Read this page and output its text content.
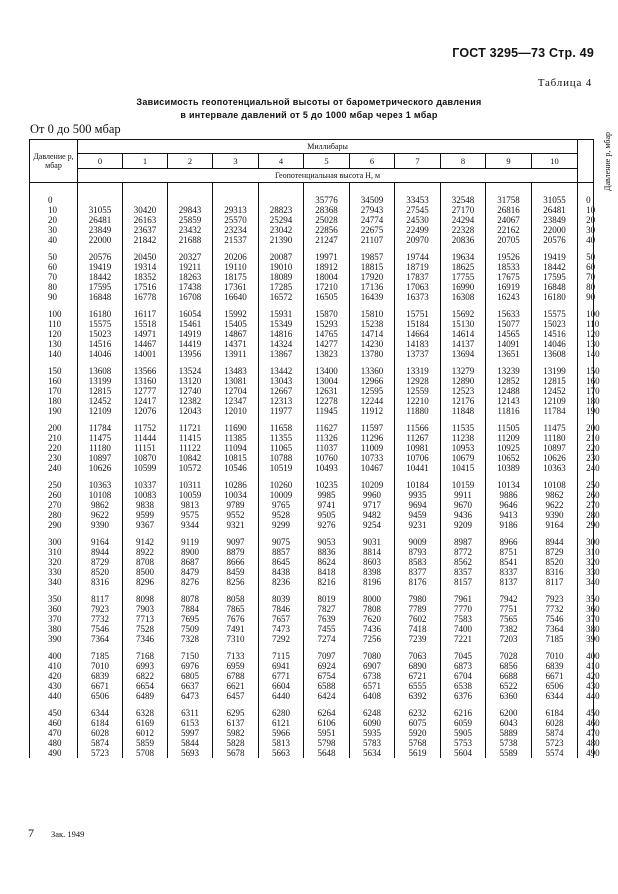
ГОСТ 3295—73 Стр. 49
Таблица 4
Зависимость геопотенциальной высоты от барометрического давления
в интервале давлений от 5 до 1000 мбар через 1 мбар
От 0 до 500 мбар
Давление p, мбар	Миллибары											Давление p, мбар
	0	1	2	3	4	5	6	7	8	9	10	
	Геопотенциальная высота H, м											

0						35776	34509	33453	32548	31758	31055	0
10	31055	30420	29843	29313	28823	28368	27943	27545	27170	26816	26481	10
20	26481	26163	25859	25570	25294	25028	24774	24530	24294	24067	23849	20
30	23849	23637	23432	23234	23042	22856	22675	22499	22328	22162	22000	30
40	22000	21842	21688	21537	21390	21247	21107	20970	20836	20705	20576	40

50	20576	20450	20327	20206	20087	19971	19857	19744	19634	19526	19419	50
60	19419	19314	19211	19110	19010	18912	18815	18719	18625	18533	18442	60
70	18442	18352	18263	18175	18089	18004	17920	17837	17755	17675	17595	70
80	17595	17516	17438	17361	17285	17210	17136	17063	16990	16919	16848	80
90	16848	16778	16708	16640	16572	16505	16439	16373	16308	16243	16180	90

100	16180	16117	16054	15992	15931	15870	15810	15751	15692	15633	15575	100
110	15575	15518	15461	15405	15349	15293	15238	15184	15130	15077	15023	110
120	15023	14971	14919	14867	14816	14765	14714	14664	14614	14565	14516	120
130	14516	14467	14419	14371	14324	14277	14230	14183	14137	14091	14046	130
140	14046	14001	13956	13911	13867	13823	13780	13737	13694	13651	13608	140

150	13608	13566	13524	13483	13442	13400	13360	13319	13279	13239	13199	150
160	13199	13160	13120	13081	13043	13004	12966	12928	12890	12852	12815	160
170	12815	12777	12740	12704	12667	12631	12595	12559	12523	12488	12452	170
180	12452	12417	12382	12347	12313	12278	12244	12210	12176	12143	12109	180
190	12109	12076	12043	12010	11977	11945	11912	11880	11848	11816	11784	190

200	11784	11752	11721	11690	11658	11627	11597	11566	11535	11505	11475	200
210	11475	11444	11415	11385	11355	11326	11296	11267	11238	11209	11180	210
220	11180	11151	11122	11094	11065	11037	11009	10981	10953	10925	10897	220
230	10897	10870	10842	10815	10788	10760	10733	10706	10679	10652	10626	230
240	10626	10599	10572	10546	10519	10493	10467	10441	10415	10389	10363	240

250	10363	10337	10311	10286	10260	10235	10209	10184	10159	10134	10108	250
260	10108	10083	10059	10034	10009	9985	9960	9935	9911	9886	9862	260
270	9862	9838	9813	9789	9765	9741	9717	9694	9670	9646	9622	270
280	9622	9599	9575	9552	9528	9505	9482	9459	9436	9413	9390	280
290	9390	9367	9344	9321	9299	9276	9254	9231	9209	9186	9164	290

300	9164	9142	9119	9097	9075	9053	9031	9009	8987	8966	8944	300
310	8944	8922	8900	8879	8857	8836	8814	8793	8772	8751	8729	310
320	8729	8708	8687	8666	8645	8624	8603	8583	8562	8541	8520	320
330	8520	8500	8479	8459	8438	8418	8398	8377	8357	8337	8316	330
340	8316	8296	8276	8256	8236	8216	8196	8176	8157	8137	8117	340

350	8117	8098	8078	8058	8039	8019	8000	7980	7961	7942	7923	350
360	7923	7903	7884	7865	7846	7827	7808	7789	7770	7751	7732	360
370	7732	7713	7695	7676	7657	7639	7620	7602	7583	7565	7546	370
380	7546	7528	7509	7491	7473	7455	7436	7418	7400	7382	7364	380
390	7364	7346	7328	7310	7292	7274	7256	7239	7221	7203	7185	390

400	7185	7168	7150	7133	7115	7097	7080	7063	7045	7028	7010	400
410	7010	6993	6976	6959	6941	6924	6907	6890	6873	6856	6839	410
420	6839	6822	6805	6788	6771	6754	6738	6721	6704	6688	6671	420
430	6671	6654	6637	6621	6604	6588	6571	6555	6538	6522	6506	430
440	6506	6489	6473	6457	6440	6424	6408	6392	6376	6360	6344	440

450	6344	6328	6311	6295	6280	6264	6248	6232	6216	6200	6184	450
460	6184	6169	6153	6137	6121	6106	6090	6075	6059	6043	6028	460
470	6028	6012	5997	5982	5966	5951	5935	5920	5905	5889	5874	470
480	5874	5859	5844	5828	5813	5798	5783	5768	5753	5738	5723	480
490	5723	5708	5693	5678	5663	5648	5634	5619	5604	5589	5574	490
7 Зак. 1949
